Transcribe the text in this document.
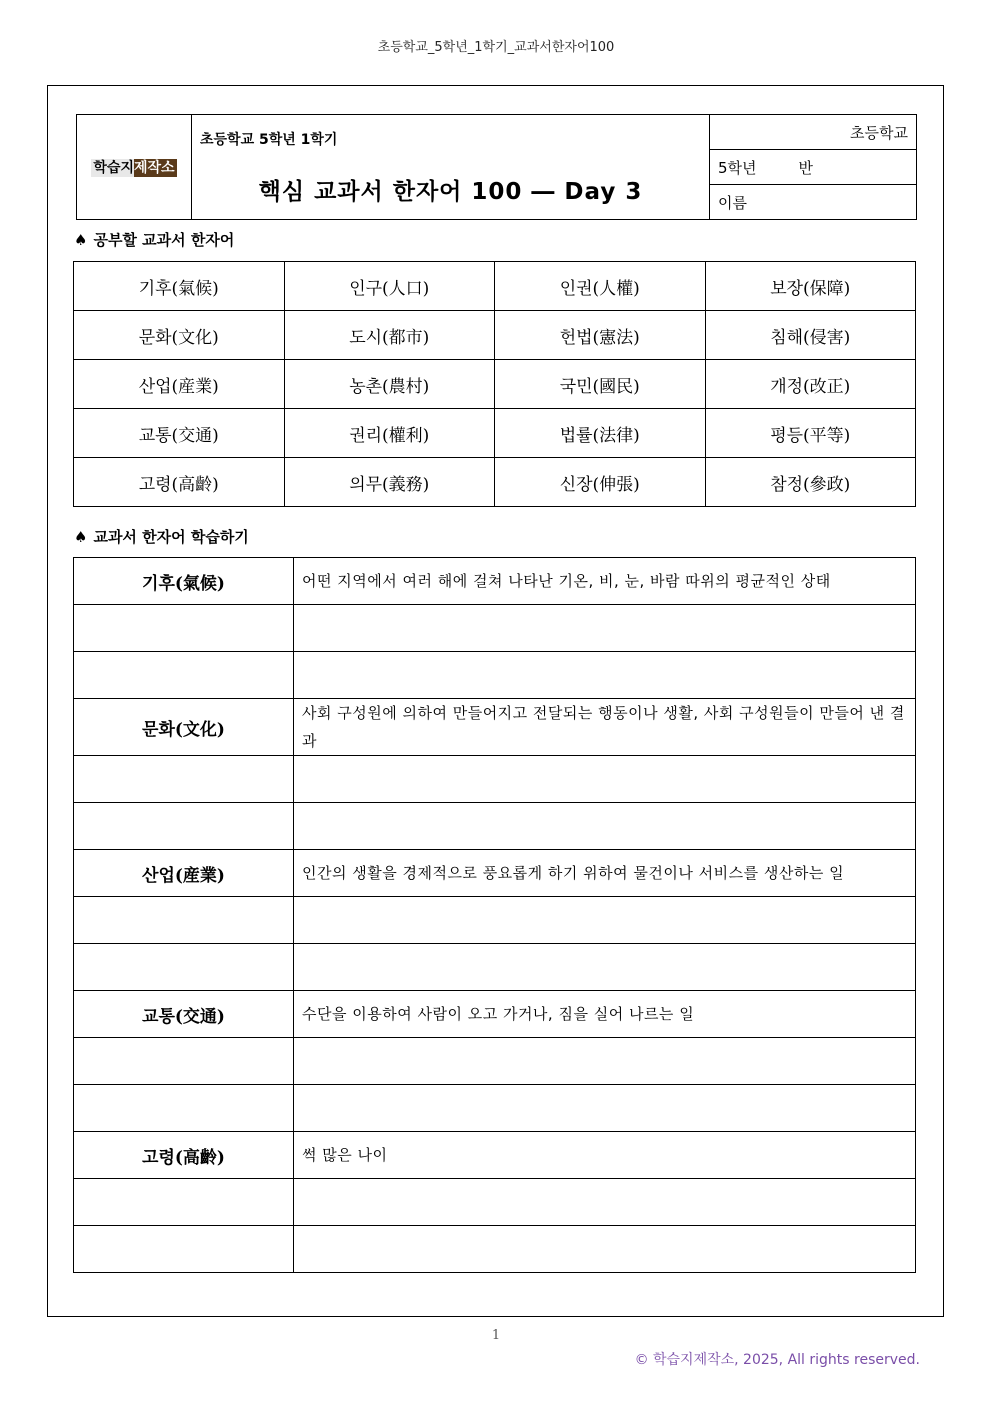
초등학교_5학년_1학기_교과서한자어100
학습지제작소	
초등학교 5학년 1학기
핵심 교과서 한자어 100 ― Day 3
	초등학교
5학년	반
이름
♠ 공부할 교과서 한자어
기후(氣候)	인구(人口)	인권(人權)	보장(保障)
문화(文化)	도시(都市)	헌법(憲法)	침해(侵害)
산업(産業)	농촌(農村)	국민(國民)	개정(改正)
교통(交通)	권리(權利)	법률(法律)	평등(平等)
고령(高齡)	의무(義務)	신장(伸張)	참정(參政)
♠ 교과서 한자어 학습하기
기후(氣候)	어떤 지역에서 여러 해에 걸쳐 나타난 기온, 비, 눈, 바람 따위의 평균적인 상태

문화(文化)	사회 구성원에 의하여 만들어지고 전달되는 행동이나 생활, 사회 구성원들이 만들어 낸 결과

산업(産業)	인간의 생활을 경제적으로 풍요롭게 하기 위하여 물건이나 서비스를 생산하는 일

교통(交通)	수단을 이용하여 사람이 오고 가거나, 짐을 실어 나르는 일

고령(高齡)	썩 많은 나이

1
© 학습지제작소, 2025, All rights reserved.
